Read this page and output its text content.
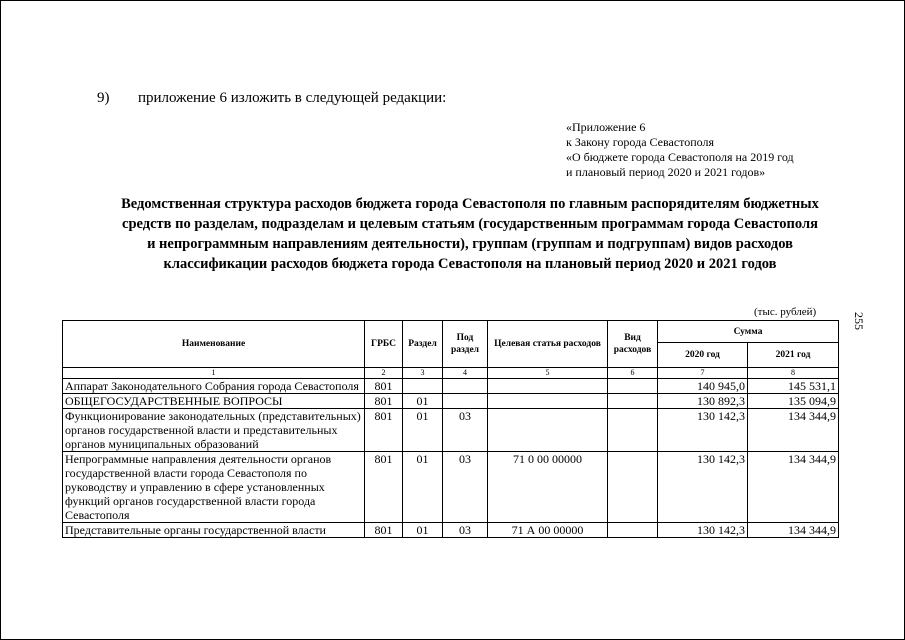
9) приложение 6 изложить в следующей редакции:
«Приложение 6
к Закону города Севастополя
«О бюджете города Севастополя на 2019 год
и плановый период 2020 и 2021 годов»
Ведомственная структура расходов бюджета города Севастополя по главным распорядителям бюджетных
средств по разделам, подразделам и целевым статьям (государственным программам города Севастополя
и непрограммным направлениям деятельности), группам (группам и подгруппам) видов расходов
классификации расходов бюджета города Севастополя на плановый период 2020 и 2021 годов
(тыс. рублей)	255
Наименование	ГРБС	Раздел	Под раздел	Целевая статья расходов	Вид расходов	Сумма	
						2020 год	2021 год
1	2	3	4	5	6	7	8
Аппарат Законодательного Собрания города Севастополя	801					140 945,0	145 531,1
ОБЩЕГОСУДАРСТВЕННЫЕ ВОПРОСЫ	801	01				130 892,3	135 094,9
Функционирование законодательных (представительных) органов государственной власти и представительных органов муниципальных образований	801	01	03			130 142,3	134 344,9
Непрограммные направления деятельности органов государственной власти города Севастополя по руководству и управлению в сфере установленных функций органов государственной власти города Севастополя	801	01	03	71 0 00 00000		130 142,3	134 344,9
Представительные органы государственной власти	801	01	03	71 А 00 00000		130 142,3	134 344,9
